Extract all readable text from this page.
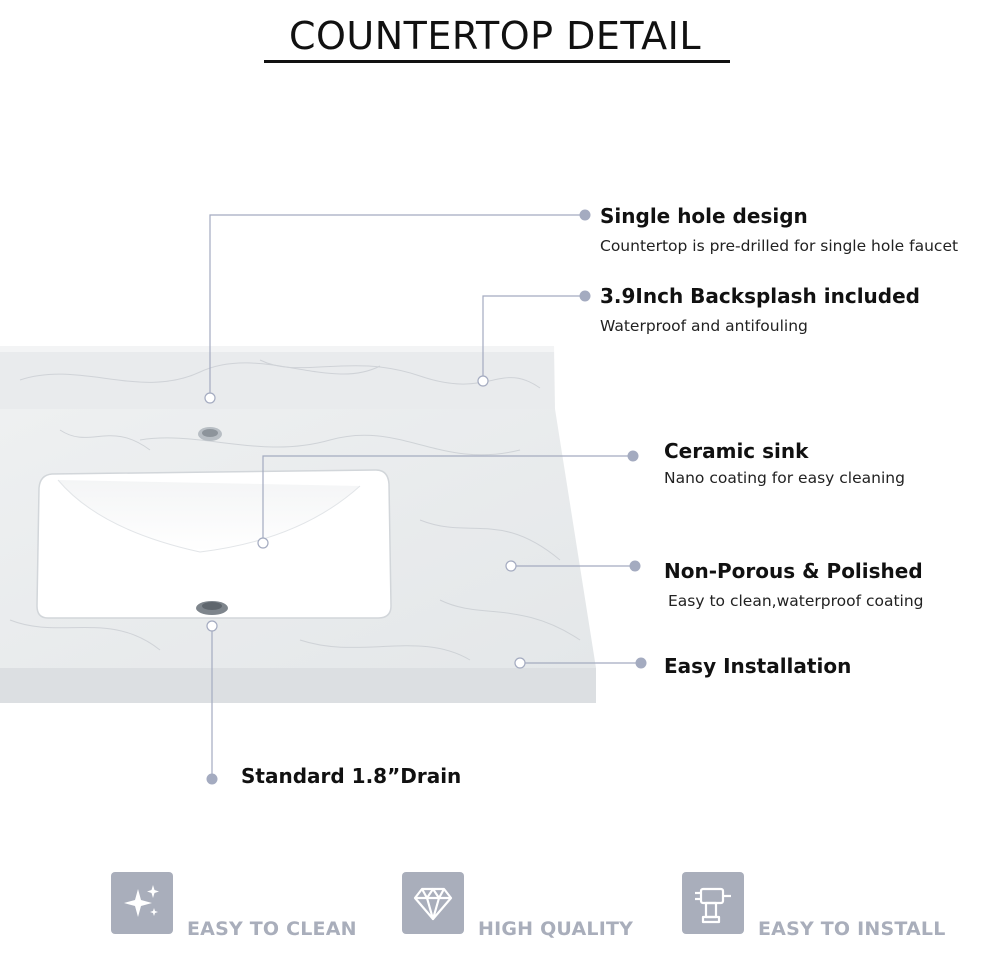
COUNTERTOP DETAIL
Single hole design
Countertop is pre-drilled for single hole faucet
3.9Inch Backsplash included
Waterproof and antifouling
Ceramic sink
Nano coating for easy cleaning
Non-Porous & Polished
Easy to clean,waterproof coating
Easy Installation
Standard 1.8”Drain
EASY TO CLEAN	HIGH QUALITY	EASY TO INSTALL
